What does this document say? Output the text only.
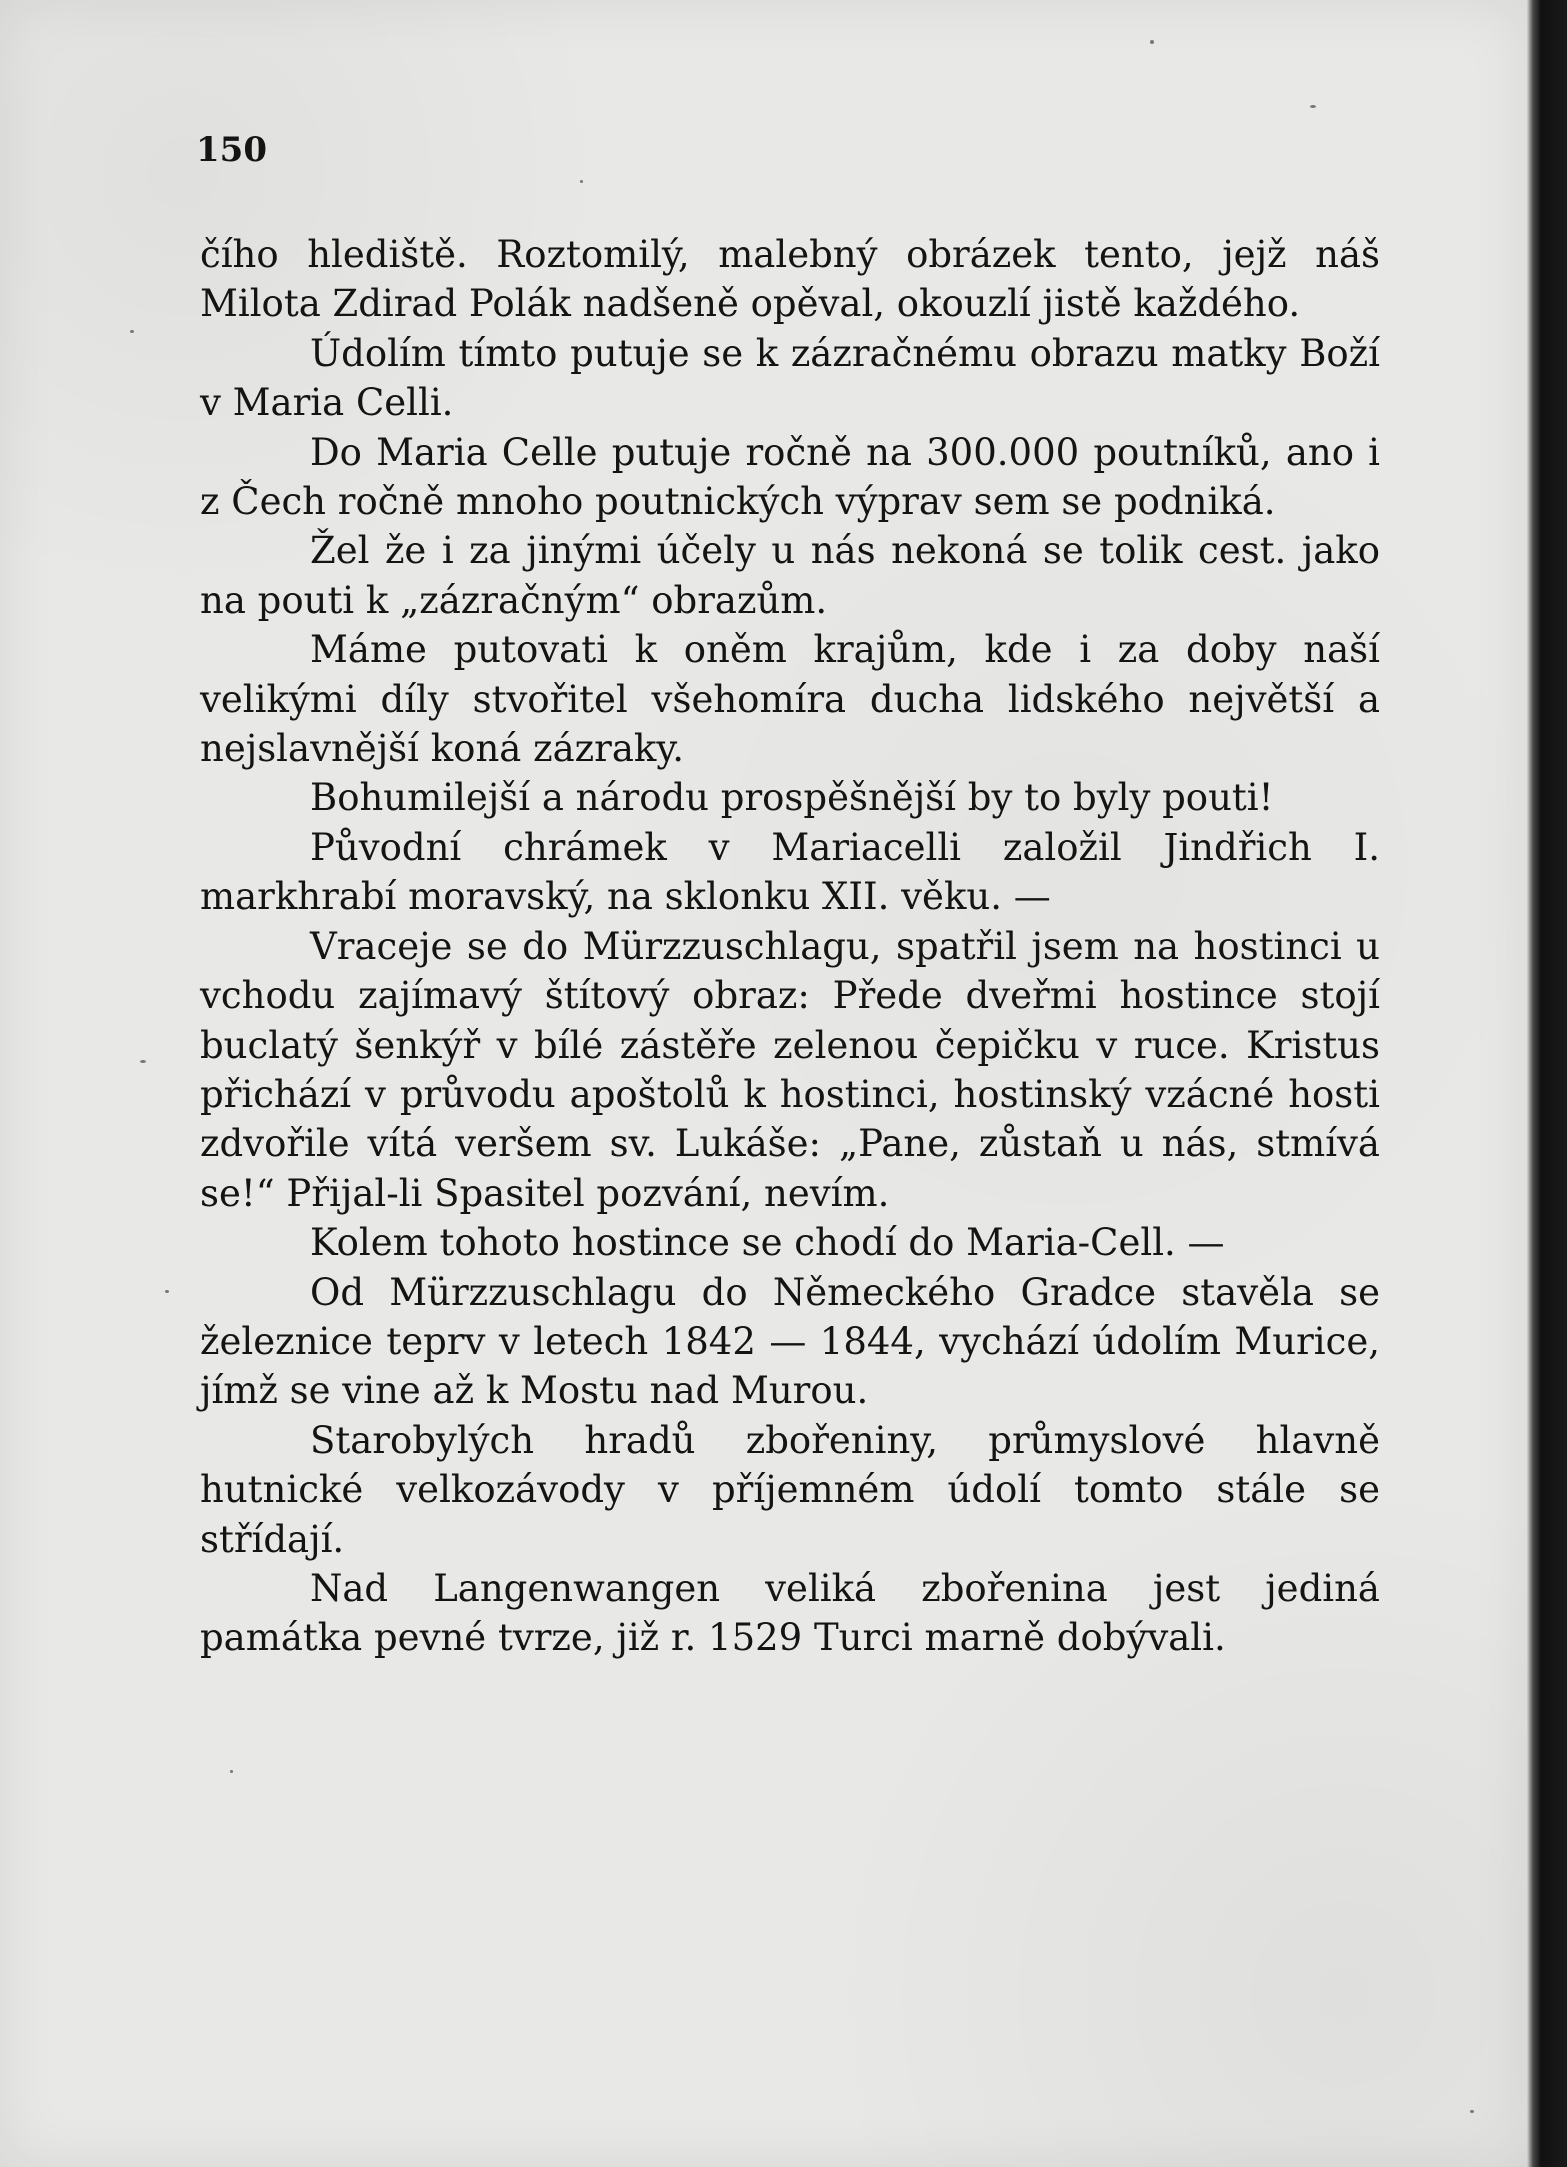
150

čího hlediště. Roztomilý, malebný obrázek tento, jejž náš Milota Zdirad Polák nadšeně opěval, okouzlí jistě každého.

Údolím tímto putuje se k zázračnému obrazu matky Boží v Maria Celli.

Do Maria Celle putuje ročně na 300.000 poutníků, ano i z Čech ročně mnoho poutnických výprav sem se podniká.

Žel že i za jinými účely u nás nekoná se tolik cest. jako na pouti k „zázračným“ obrazům.

Máme putovati k oněm krajům, kde i za doby naší velikými díly stvořitel všehomíra ducha lidského největší a nejslavnější koná zázraky.

Bohumilejší a národu prospěšnější by to byly pouti!

Původní chrámek v Mariacelli založil Jindřich I. markhrabí moravský, na sklonku XII. věku. —

Vraceje se do Mürzzuschlagu, spatřil jsem na hostinci u vchodu zajímavý štítový obraz: Přede dveřmi hostince stojí buclatý šenkýř v bílé zástěře zelenou čepičku v ruce. Kristus přichází v průvodu apoštolů k hostinci, hostinský vzácné hosti zdvořile vítá veršem sv. Lukáše: „Pane, zůstaň u nás, stmívá se!“ Přijal-li Spasitel pozvání, nevím.

Kolem tohoto hostince se chodí do Maria-Cell. —

Od Mürzzuschlagu do Německého Gradce stavěla se železnice teprv v letech 1842 — 1844, vychází údolím Murice, jímž se vine až k Mostu nad Murou.

Starobylých hradů zbořeniny, průmyslové hlavně hutnické velkozávody v příjemném údolí tomto stále se střídají.

Nad Langenwangen veliká zbořenina jest jediná památka pevné tvrze, již r. 1529 Turci marně dobývali.
